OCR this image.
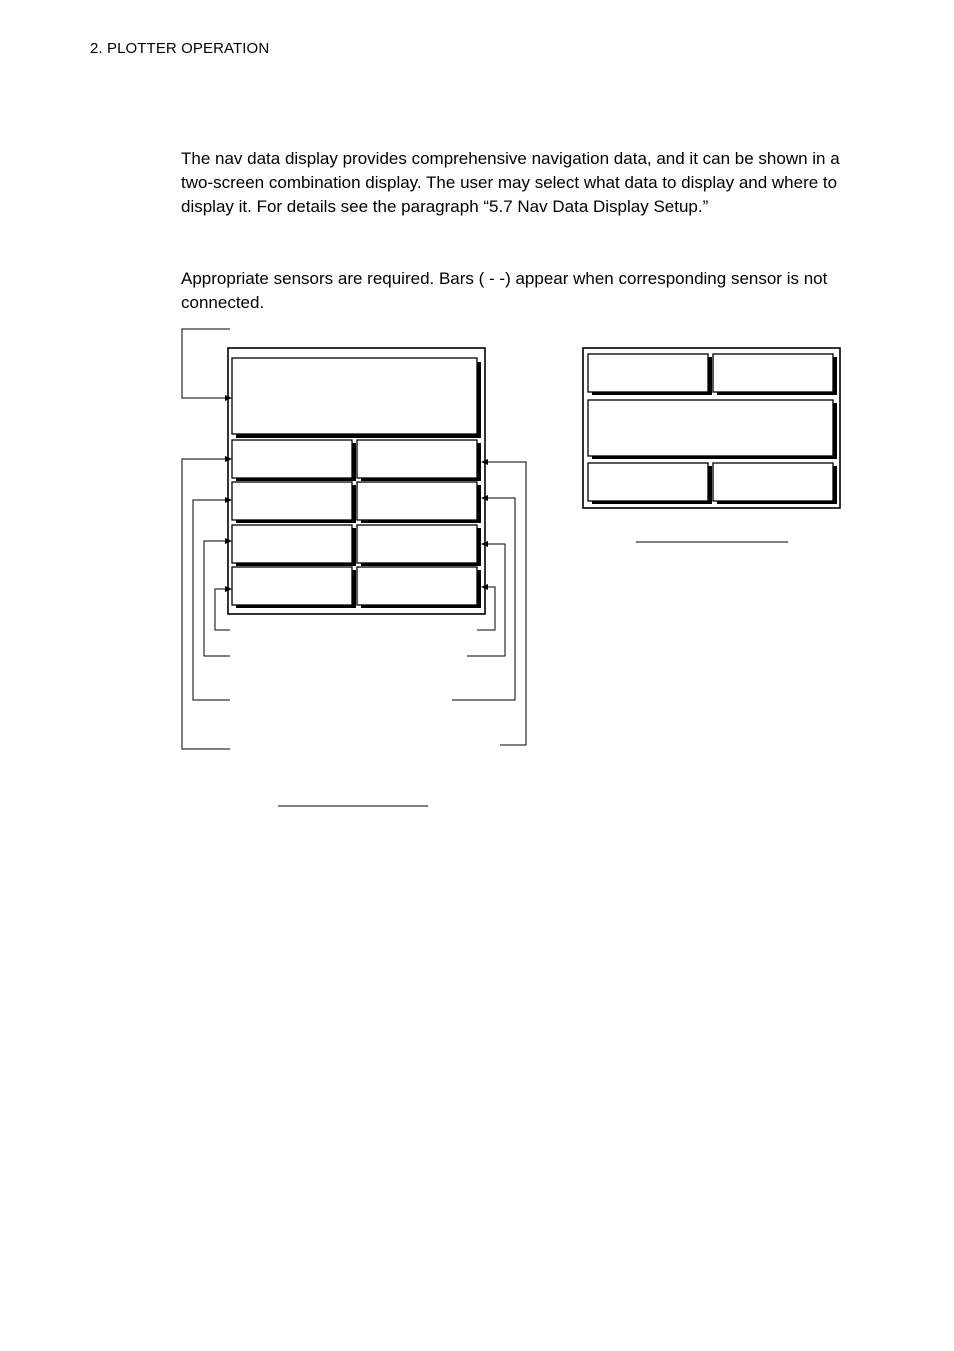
2. PLOTTER OPERATION

The nav data display provides comprehensive navigation data, and it can be shown in a two-screen combination display. The user may select what data to display and where to display it. For details see the paragraph “5.7 Nav Data Display Setup.”

Appropriate sensors are required. Bars ( - -) appear when corresponding sensor is not connected.
